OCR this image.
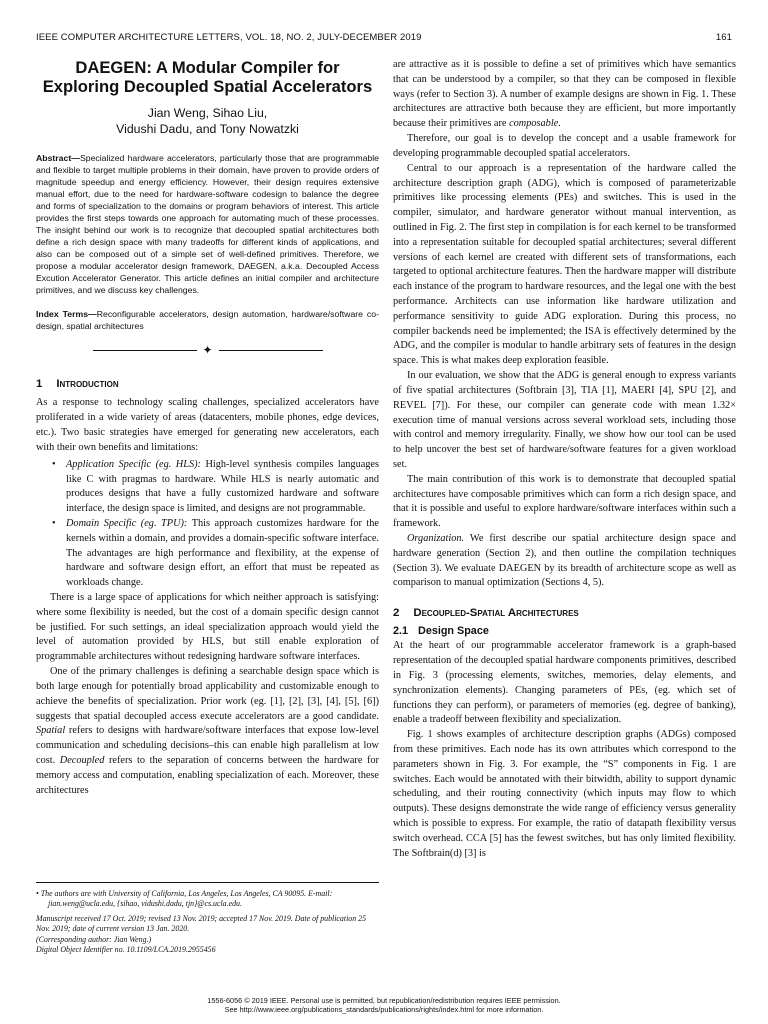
IEEE COMPUTER ARCHITECTURE LETTERS, VOL. 18, NO. 2, JULY-DECEMBER 2019	161
DAEGEN: A Modular Compiler for Exploring Decoupled Spatial Accelerators
Jian Weng, Sihao Liu,
Vidushi Dadu, and Tony Nowatzki
Abstract—Specialized hardware accelerators, particularly those that are programmable and flexible to target multiple problems in their domain, have proven to provide orders of magnitude speedup and energy efficiency. However, their design requires extensive manual effort, due to the need for hardware-software codesign to balance the degree and forms of specialization to the domains or program behaviors of interest. This article provides the first steps towards one approach for automating much of these processes. The insight behind our work is to recognize that decoupled spatial architectures both define a rich design space with many tradeoffs for different kinds of applications, and also can be composed out of a simple set of well-defined primitives. Therefore, we propose a modular accelerator design framework, DAEGEN, a.k.a. Decoupled Access Excution Accelerator Generator. This article defines an initial compiler and architecture primitives, and we discuss key challenges.
Index Terms—Reconfigurable accelerators, design automation, hardware/software co-design, spatial architectures
✦
1 Introduction

As a response to technology scaling challenges, specialized accelerators have proliferated in a wide variety of areas (datacenters, mobile phones, edge devices, etc.). Two basic strategies have emerged for generating new accelerators, each with their own benefits and limitations:

• Application Specific (eg. HLS): High-level synthesis compiles languages like C with pragmas to hardware. While HLS is nearly automatic and produces designs that have a fully customized hardware and software interface, the design space is limited, and designs are not programmable.
• Domain Specific (eg. TPU): This approach customizes hardware for the kernels within a domain, and provides a domain-specific software interface. The advantages are high performance and flexibility, at the expense of hardware and software design effort, an effort that must be repeated as workloads change.

There is a large space of applications for which neither approach is satisfying: where some flexibility is needed, but the cost of a domain specific design cannot be justified. For such settings, an ideal specialization approach would yield the level of automation provided by HLS, but still enable exploration of programmable architectures without redesigning hardware software interfaces.

One of the primary challenges is defining a searchable design space which is both large enough for potentially broad applicability and customizable enough to achieve the benefits of specialization. Prior work (eg. [1], [2], [3], [4], [5], [6]) suggests that spatial decoupled access execute accelerators are a good candidate. Spatial refers to designs with hardware/software interfaces that expose low-level communication and scheduling decisions–this can enable high parallelism at low cost. Decoupled refers to the separation of concerns between the hardware for memory access and computation, enabling specialization of each. Moreover, these architectures

• The authors are with University of California, Los Angeles, Los Angeles, CA 90095. E-mail: jian.weng@ucla.edu, {sihao, vidushi.dadu, tjn}@cs.ucla.edu.

Manuscript received 17 Oct. 2019; revised 13 Nov. 2019; accepted 17 Nov. 2019. Date of publication 25 Nov. 2019; date of current version 13 Jan. 2020.

(Corresponding author: Jian Weng.)

Digital Object Identifier no. 10.1109/LCA.2019.2955456

are attractive as it is possible to define a set of primitives which have semantics that can be understood by a compiler, so that they can be composed in flexible ways (refer to Section 3). A number of example designs are shown in Fig. 1. These architectures are attractive both because they are efficient, but more importantly because their primitives are composable.

Therefore, our goal is to develop the concept and a usable framework for developing programmable decoupled spatial accelerators.

Central to our approach is a representation of the hardware called the architecture description graph (ADG), which is composed of parameterizable primitives like processing elements (PEs) and switches. This is used in the compiler, simulator, and hardware generator without manual intervention, as outlined in Fig. 2. The first step in compilation is for each kernel to be transformed into a representation suitable for decoupled spatial architectures; several different versions of each kernel are created with different sets of transformations, each targeted to optional architecture features. Then the hardware mapper will distribute each instance of the program to hardware resources, and the legal one with the best performance. Architects can use information like hardware utilization and performance sensitivity to guide ADG exploration. During this process, no compiler backends need be implemented; the ISA is effectively determined by the ADG, and the compiler is modular to handle arbitrary sets of features in the design space. This is what makes deep exploration feasible.

In our evaluation, we show that the ADG is general enough to express variants of five spatial architectures (Softbrain [3], TIA [1], MAERI [4], SPU [2], and REVEL [7]). For these, our compiler can generate code with mean 1.32× execution time of manual versions across several workload sets, including those with control and memory irregularity. Finally, we show how our tool can be used to help uncover the best set of hardware/software features for a given workload set.

The main contribution of this work is to demonstrate that decoupled spatial architectures have composable primitives which can form a rich design space, and that it is possible and useful to explore hardware/software interfaces within such a framework.

Organization. We first describe our spatial architecture design space and hardware generation (Section 2), and then outline the compilation techniques (Section 3). We evaluate DAEGEN by its breadth of architecture scope as well as comparison to manual optimization (Sections 4, 5).

2 Decoupled-Spatial Architectures
2.1 Design Space

At the heart of our programmable accelerator framework is a graph-based representation of the decoupled spatial hardware components primitives, described in Fig. 3 (processing elements, switches, memories, delay elements, and synchronization elements). Changing parameters of PEs, (eg. which set of functions they can perform), or parameters of memories (eg. degree of banking), enable a tradeoff between flexibility and specialization.

Fig. 1 shows examples of architecture description graphs (ADGs) composed from these primitives. Each node has its own attributes which correspond to the parameters shown in Fig. 3. For example, the “S” components in Fig. 1 are switches. Each would be annotated with their bitwidth, ability to support dynamic scheduling, and their routing connectivity (which inputs may flow to which outputs). These designs demonstrate the wide range of efficiency versus generality which is possible to express. For example, the ratio of datapath flexibility versus switch overhead. CCA [5] has the fewest switches, but has only limited flexibility. The Softbrain(d) [3] is

1556-6056 © 2019 IEEE. Personal use is permitted, but republication/redistribution requires IEEE permission.
See http://www.ieee.org/publications_standards/publications/rights/index.html for more information.
